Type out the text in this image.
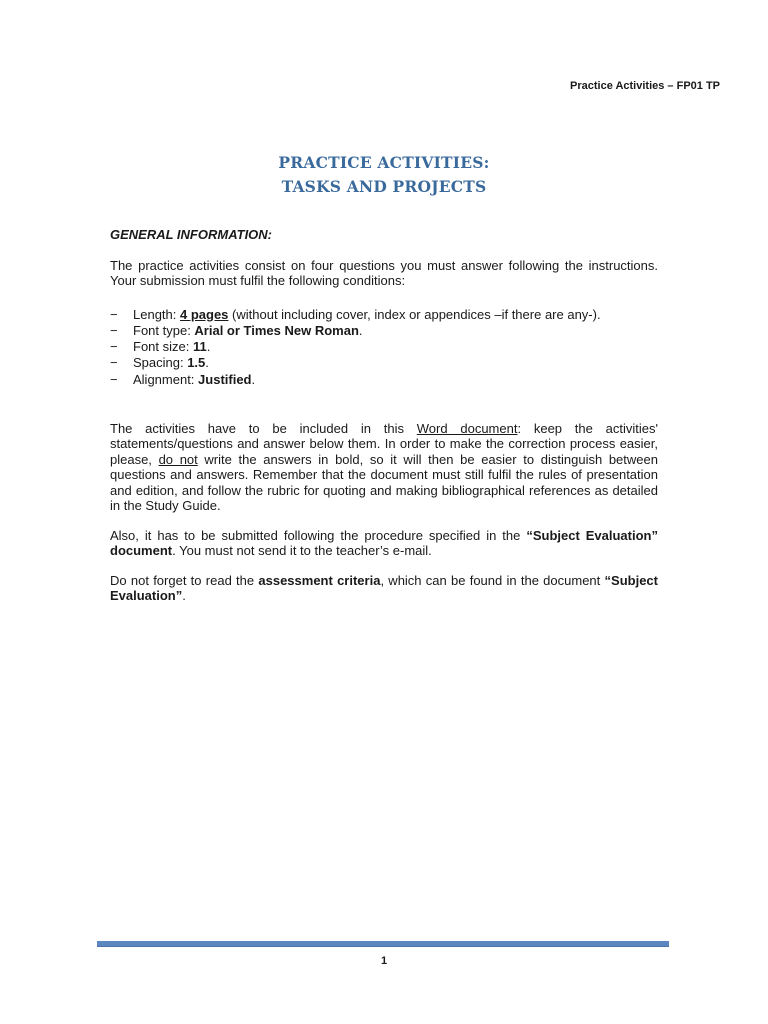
Practice Activities – FP01 TP
PRACTICE ACTIVITIES:
TASKS AND PROJECTS
GENERAL INFORMATION:

The practice activities consist on four questions you must answer following the instructions. Your submission must fulfil the following conditions:

− Length: 4 pages (without including cover, index or appendices –if there are any-).
− Font type: Arial or Times New Roman.
− Font size: 11.
− Spacing: 1.5.
− Alignment: Justified.

The activities have to be included in this Word document: keep the activities' statements/questions and answer below them. In order to make the correction process easier, please, do not write the answers in bold, so it will then be easier to distinguish between questions and answers. Remember that the document must still fulfil the rules of presentation and edition, and follow the rubric for quoting and making bibliographical references as detailed in the Study Guide.

Also, it has to be submitted following the procedure specified in the “Subject Evaluation” document. You must not send it to the teacher’s e-mail.

Do not forget to read the assessment criteria, which can be found in the document “Subject Evaluation”.

1
